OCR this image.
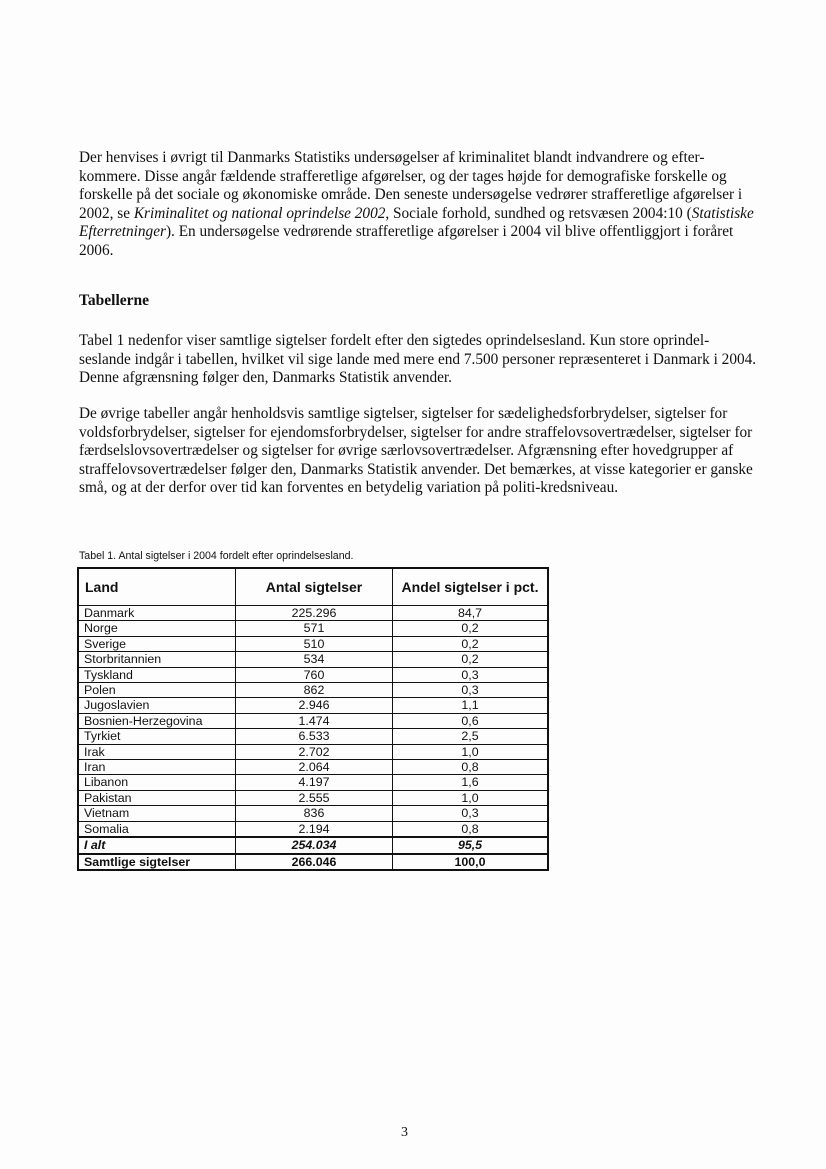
Der henvises i øvrigt til Danmarks Statistiks undersøgelser af kriminalitet blandt indvandrere og efter-kommere. Disse angår fældende strafferetlige afgørelser, og der tages højde for demografiske forskelle og forskelle på det sociale og økonomiske område. Den seneste undersøgelse vedrører strafferetlige afgørelser i 2002, se Kriminalitet og national oprindelse 2002, Sociale forhold, sundhed og retsvæsen 2004:10 (Statistiske Efterretninger). En undersøgelse vedrørende strafferetlige afgørelser i 2004 vil blive offentliggjort i foråret 2006.

Tabellerne

Tabel 1 nedenfor viser samtlige sigtelser fordelt efter den sigtedes oprindelsesland. Kun store oprindel-seslande indgår i tabellen, hvilket vil sige lande med mere end 7.500 personer repræsenteret i Danmark i 2004. Denne afgrænsning følger den, Danmarks Statistik anvender.

De øvrige tabeller angår henholdsvis samtlige sigtelser, sigtelser for sædelighedsforbrydelser, sigtelser for voldsforbrydelser, sigtelser for ejendomsforbrydelser, sigtelser for andre straffelovsovertrædelser, sigtelser for færdselslovsovertrædelser og sigtelser for øvrige særlovsovertrædelser. Afgrænsning efter hovedgrupper af straffelovsovertrædelser følger den, Danmarks Statistik anvender. Det bemærkes, at visse kategorier er ganske små, og at der derfor over tid kan forventes en betydelig variation på politi-kredsniveau.

Tabel 1. Antal sigtelser i 2004 fordelt efter oprindelsesland.
Land	Antal sigtelser	Andel sigtelser i pct.
Danmark	225.296	84,7
Norge	571	0,2
Sverige	510	0,2
Storbritannien	534	0,2
Tyskland	760	0,3
Polen	862	0,3
Jugoslavien	2.946	1,1
Bosnien-Herzegovina	1.474	0,6
Tyrkiet	6.533	2,5
Irak	2.702	1,0
Iran	2.064	0,8
Libanon	4.197	1,6
Pakistan	2.555	1,0
Vietnam	836	0,3
Somalia	2.194	0,8
I alt	254.034	95,5
Samtlige sigtelser	266.046	100,0
3
